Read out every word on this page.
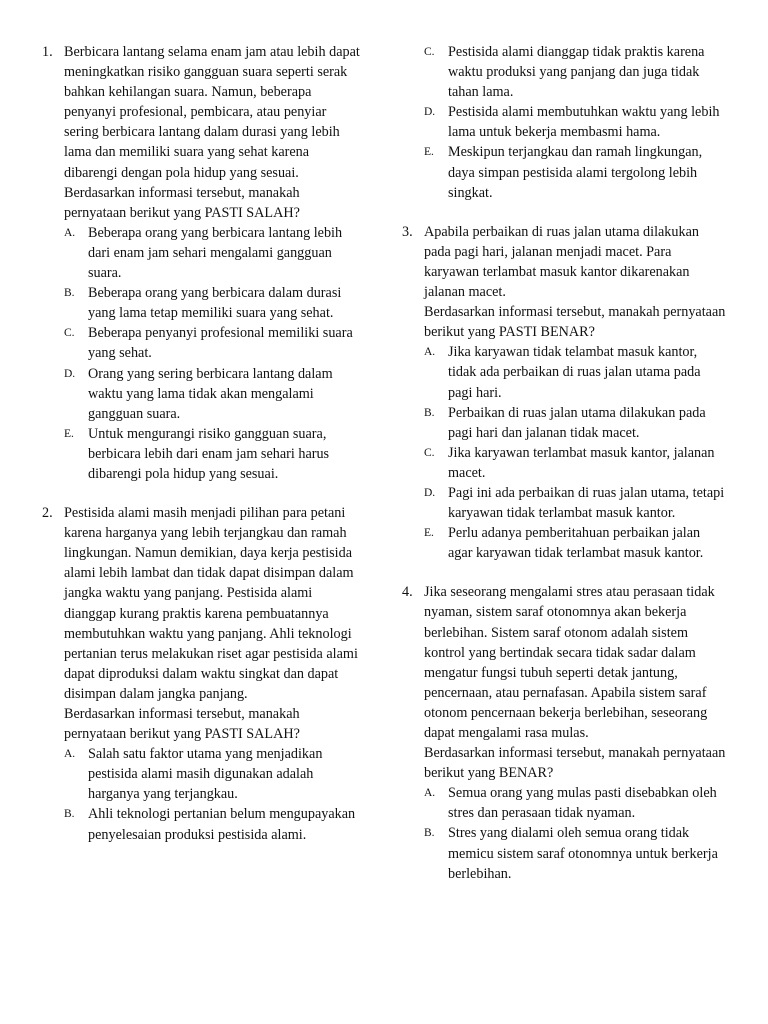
1. Berbicara lantang selama enam jam atau lebih dapat meningkatkan risiko gangguan suara seperti serak bahkan kehilangan suara. Namun, beberapa penyanyi profesional, pembicara, atau penyiar sering berbicara lantang dalam durasi yang lebih lama dan memiliki suara yang sehat karena dibarengi dengan pola hidup yang sesuai.
Berdasarkan informasi tersebut, manakah pernyataan berikut yang PASTI SALAH?
A. Beberapa orang yang berbicara lantang lebih dari enam jam sehari mengalami gangguan suara.
B. Beberapa orang yang berbicara dalam durasi yang lama tetap memiliki suara yang sehat.
C. Beberapa penyanyi profesional memiliki suara yang sehat.
D. Orang yang sering berbicara lantang dalam waktu yang lama tidak akan mengalami gangguan suara.
E. Untuk mengurangi risiko gangguan suara, berbicara lebih dari enam jam sehari harus dibarengi pola hidup yang sesuai.
2. Pestisida alami masih menjadi pilihan para petani karena harganya yang lebih terjangkau dan ramah lingkungan. Namun demikian, daya kerja pestisida alami lebih lambat dan tidak dapat disimpan dalam jangka waktu yang panjang. Pestisida alami dianggap kurang praktis karena pembuatannya membutuhkan waktu yang panjang. Ahli teknologi pertanian terus melakukan riset agar pestisida alami dapat diproduksi dalam waktu singkat dan dapat disimpan dalam jangka panjang.
Berdasarkan informasi tersebut, manakah pernyataan berikut yang PASTI SALAH?
A. Salah satu faktor utama yang menjadikan pestisida alami masih digunakan adalah harganya yang terjangkau.
B. Ahli teknologi pertanian belum mengupayakan penyelesaian produksi pestisida alami.
C. Pestisida alami dianggap tidak praktis karena waktu produksi yang panjang dan juga tidak tahan lama.
D. Pestisida alami membutuhkan waktu yang lebih lama untuk bekerja membasmi hama.
E. Meskipun terjangkau dan ramah lingkungan, daya simpan pestisida alami tergolong lebih singkat.
3. Apabila perbaikan di ruas jalan utama dilakukan pada pagi hari, jalanan menjadi macet. Para karyawan terlambat masuk kantor dikarenakan jalanan macet.
Berdasarkan informasi tersebut, manakah pernyataan berikut yang PASTI BENAR?
A. Jika karyawan tidak telambat masuk kantor, tidak ada perbaikan di ruas jalan utama pada pagi hari.
B. Perbaikan di ruas jalan utama dilakukan pada pagi hari dan jalanan tidak macet.
C. Jika karyawan terlambat masuk kantor, jalanan macet.
D. Pagi ini ada perbaikan di ruas jalan utama, tetapi karyawan tidak terlambat masuk kantor.
E. Perlu adanya pemberitahuan perbaikan jalan agar karyawan tidak terlambat masuk kantor.
4. Jika seseorang mengalami stres atau perasaan tidak nyaman, sistem saraf otonomnya akan bekerja berlebihan. Sistem saraf otonom adalah sistem kontrol yang bertindak secara tidak sadar dalam mengatur fungsi tubuh seperti detak jantung, pencernaan, atau pernafasan. Apabila sistem saraf otonom pencernaan bekerja berlebihan, seseorang dapat mengalami rasa mulas.
Berdasarkan informasi tersebut, manakah pernyataan berikut yang BENAR?
A. Semua orang yang mulas pasti disebabkan oleh stres dan perasaan tidak nyaman.
B. Stres yang dialami oleh semua orang tidak memicu sistem saraf otonomnya untuk berkerja berlebihan.
